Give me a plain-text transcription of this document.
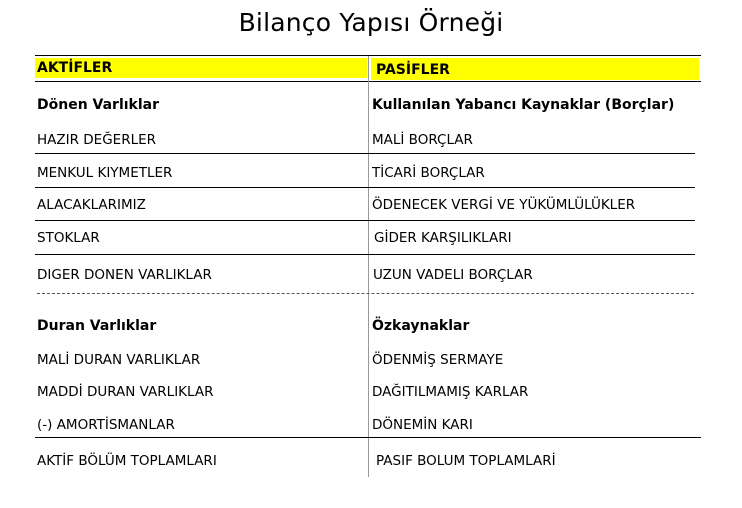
Bilanço Yapısı Örneği
AKTİFLER	PASİFLER
Dönen Varlıklar	Kullanılan Yabancı Kaynaklar (Borçlar)
HAZIR DEĞERLER	MALİ BORÇLAR
MENKUL KIYMETLER	TİCARİ BORÇLAR
ALACAKLARIMIZ	ÖDENECEK VERGİ VE YÜKÜMLÜLÜKLER
STOKLAR	GİDER KARŞILIKLARI
DIGER DONEN VARLIKLAR	UZUN VADELI BORÇLAR
Duran Varlıklar	Özkaynaklar
MALİ DURAN VARLIKLAR	ÖDENMİŞ SERMAYE
MADDİ DURAN VARLIKLAR	DAĞITILMAMIŞ KARLAR
(-) AMORTİSMANLAR	DÖNEMİN KARI
AKTİF BÖLÜM TOPLAMLARI	PASIF BOLUM TOPLAMLARİ
